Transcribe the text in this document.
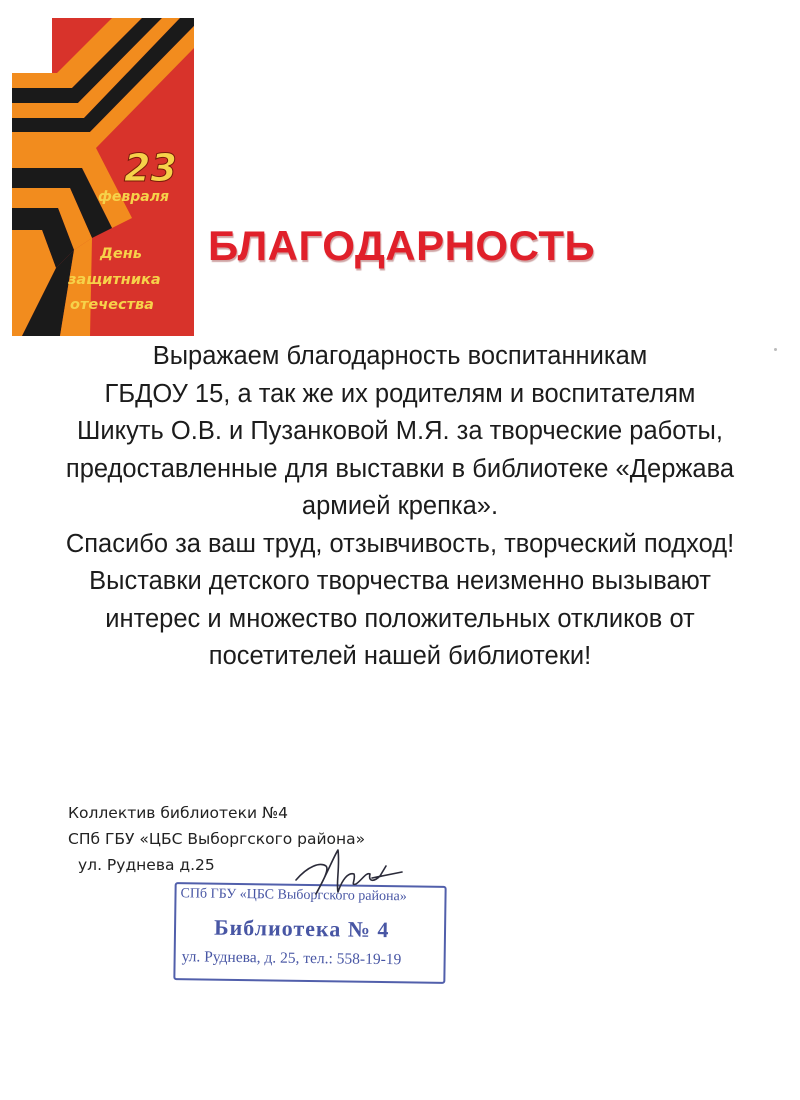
23
февраля
День
защитника
отечества
БЛАГОДАРНОСТЬ
Выражаем благодарность воспитанникам
ГБДОУ 15, а так же их родителям и воспитателям
Шикуть О.В. и Пузанковой М.Я. за творческие работы,
предоставленные для выставки в библиотеке «Держава
армией крепка».
Спасибо за ваш труд, отзывчивость, творческий подход!
Выставки детского творчества неизменно вызывают
интерес и множество положительных откликов от
посетителей нашей библиотеки!
Коллектив библиотеки №4
СПб ГБУ «ЦБС Выборгского района»
ул. Руднева д.25
СПб ГБУ «ЦБС Выборгского района»
Библиотека № 4
ул. Руднева, д. 25, тел.: 558-19-19
